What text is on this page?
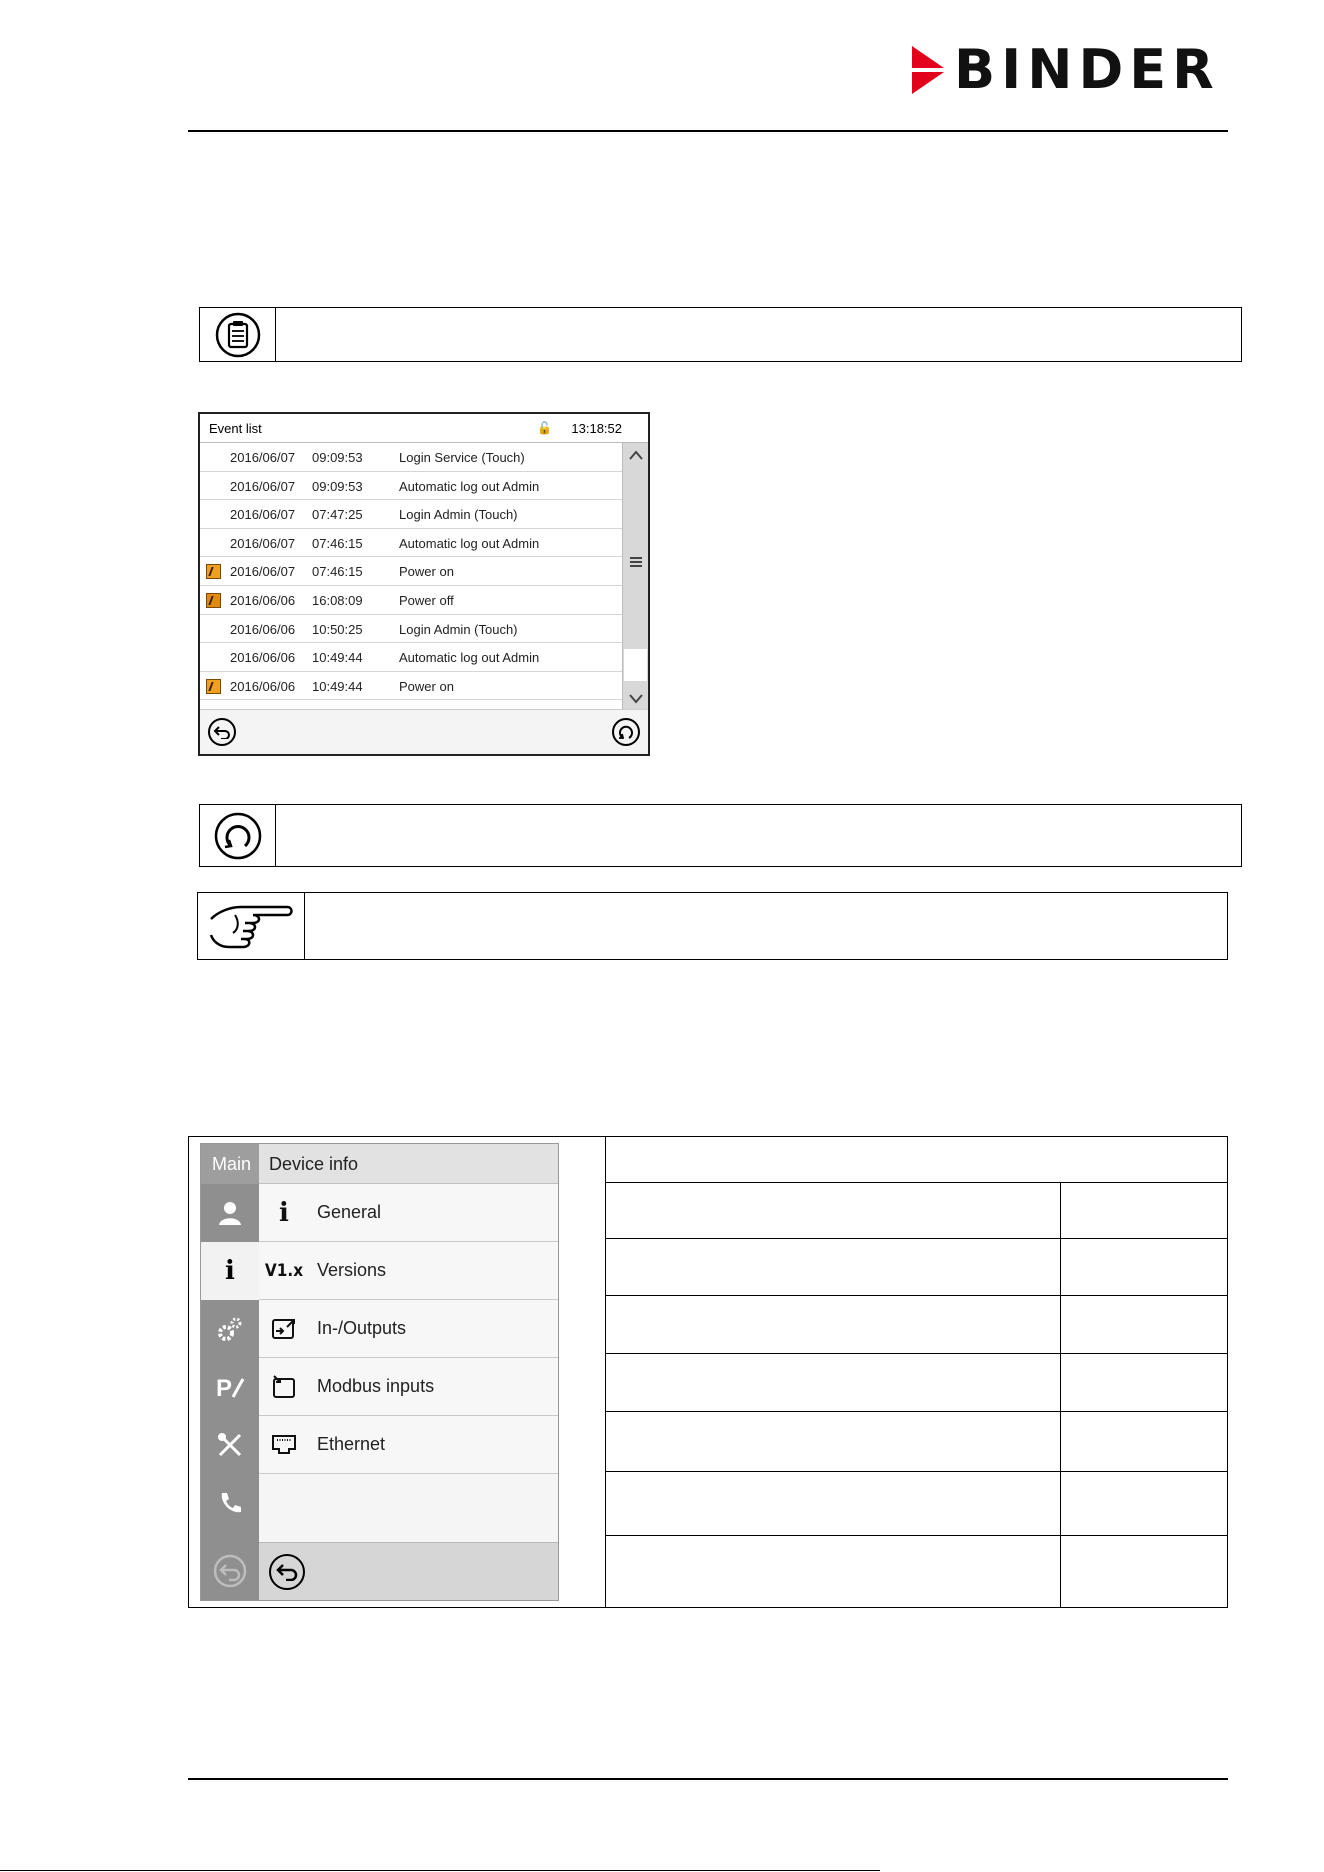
BINDER
Event list	🔓 13:18:52
2016/06/07 09:09:53	Login Service (Touch)
2016/06/07 09:09:53	Automatic log out Admin
2016/06/07 07:47:25	Login Admin (Touch)
2016/06/07 07:46:15	Automatic log out Admin
2016/06/07 07:46:15	Power on
2016/06/06 16:08:09	Power off
2016/06/06 10:50:25	Login Admin (Touch)
2016/06/06 10:49:44	Automatic log out Admin
2016/06/06 10:49:44	Power on
Main
i
P
Device info
i General
V1.x Versions
In-/Outputs
Modbus inputs
Ethernet
